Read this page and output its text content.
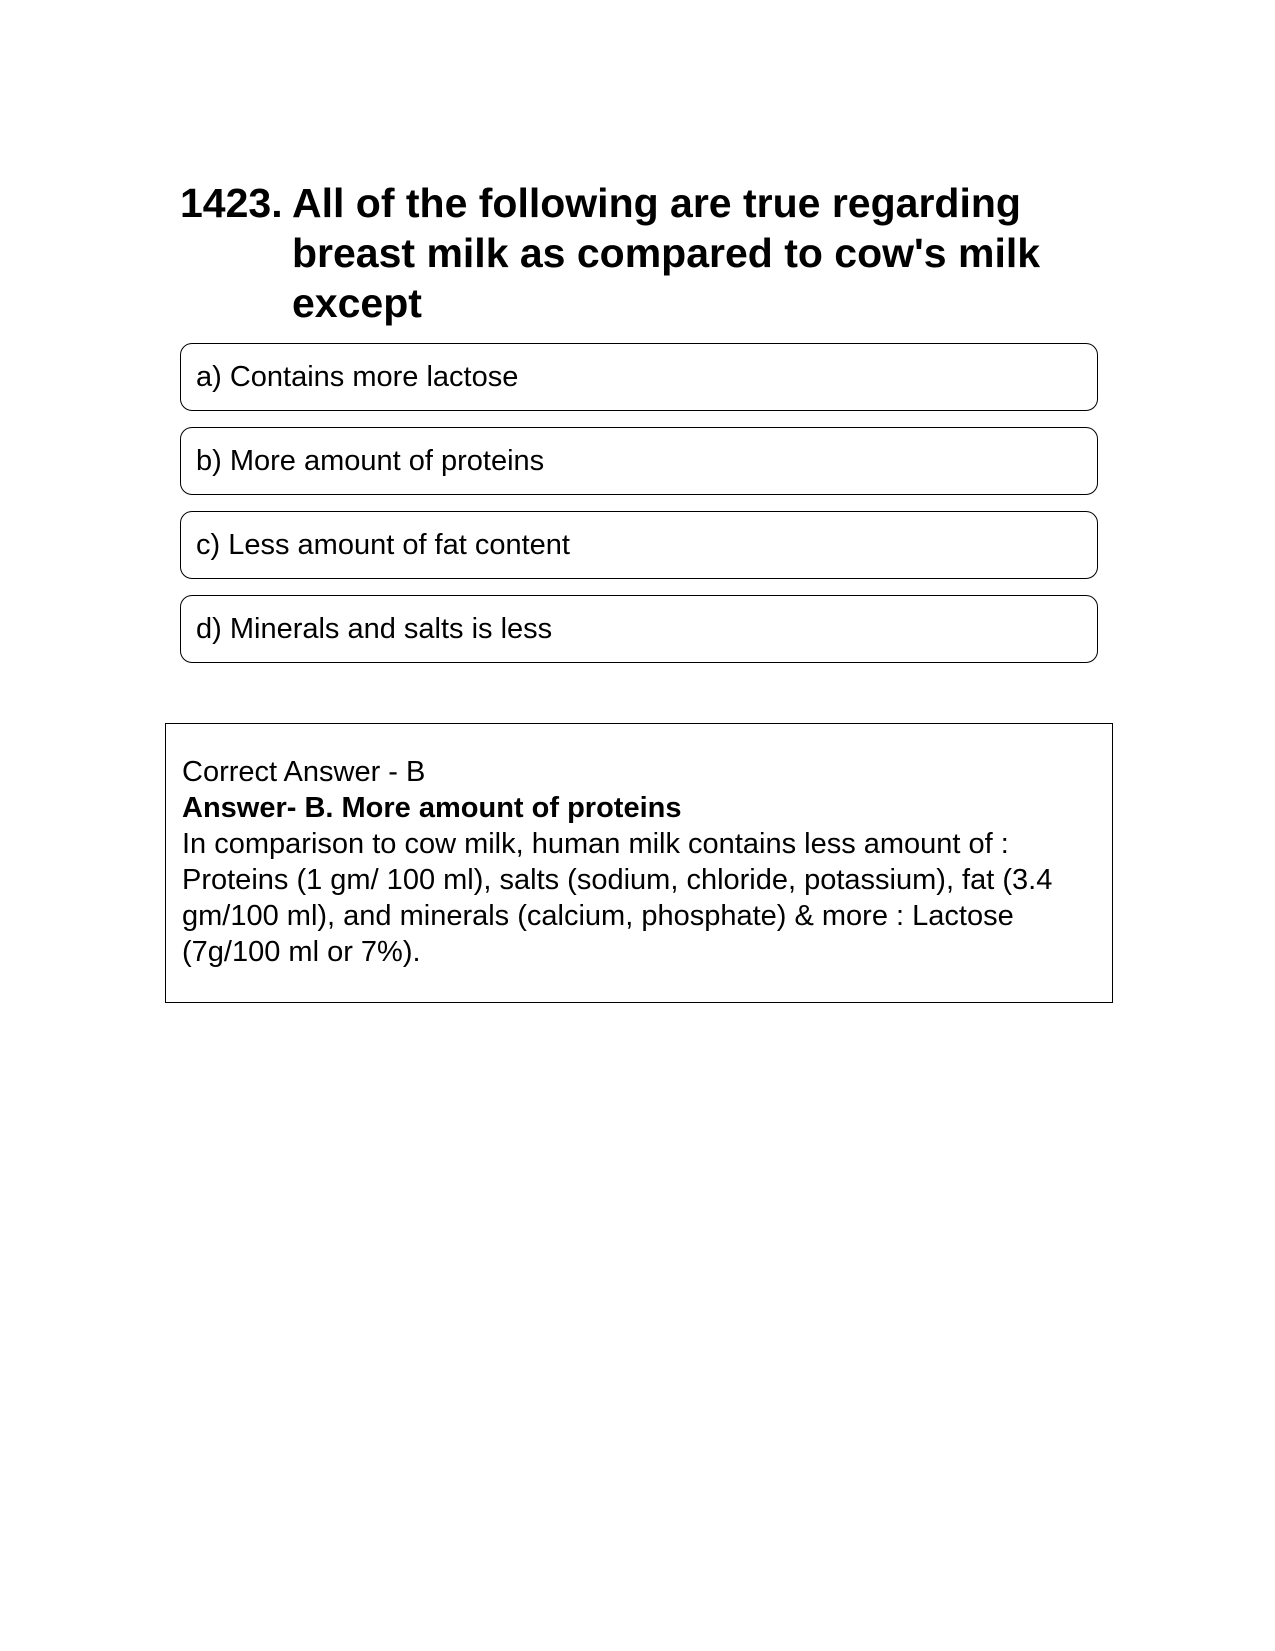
1423. All of the following are true regarding breast milk as compared to cow's milk except
a) Contains more lactose
b) More amount of proteins
c) Less amount of fat content
d) Minerals and salts is less
Correct Answer - B
Answer- B. More amount of proteins
In comparison to cow milk, human milk contains less amount of : Proteins (1 gm/ 100 ml), salts (sodium, chloride, potassium), fat (3.4 gm/100 ml), and minerals (calcium, phosphate) & more : Lactose (7g/100 ml or 7%).
